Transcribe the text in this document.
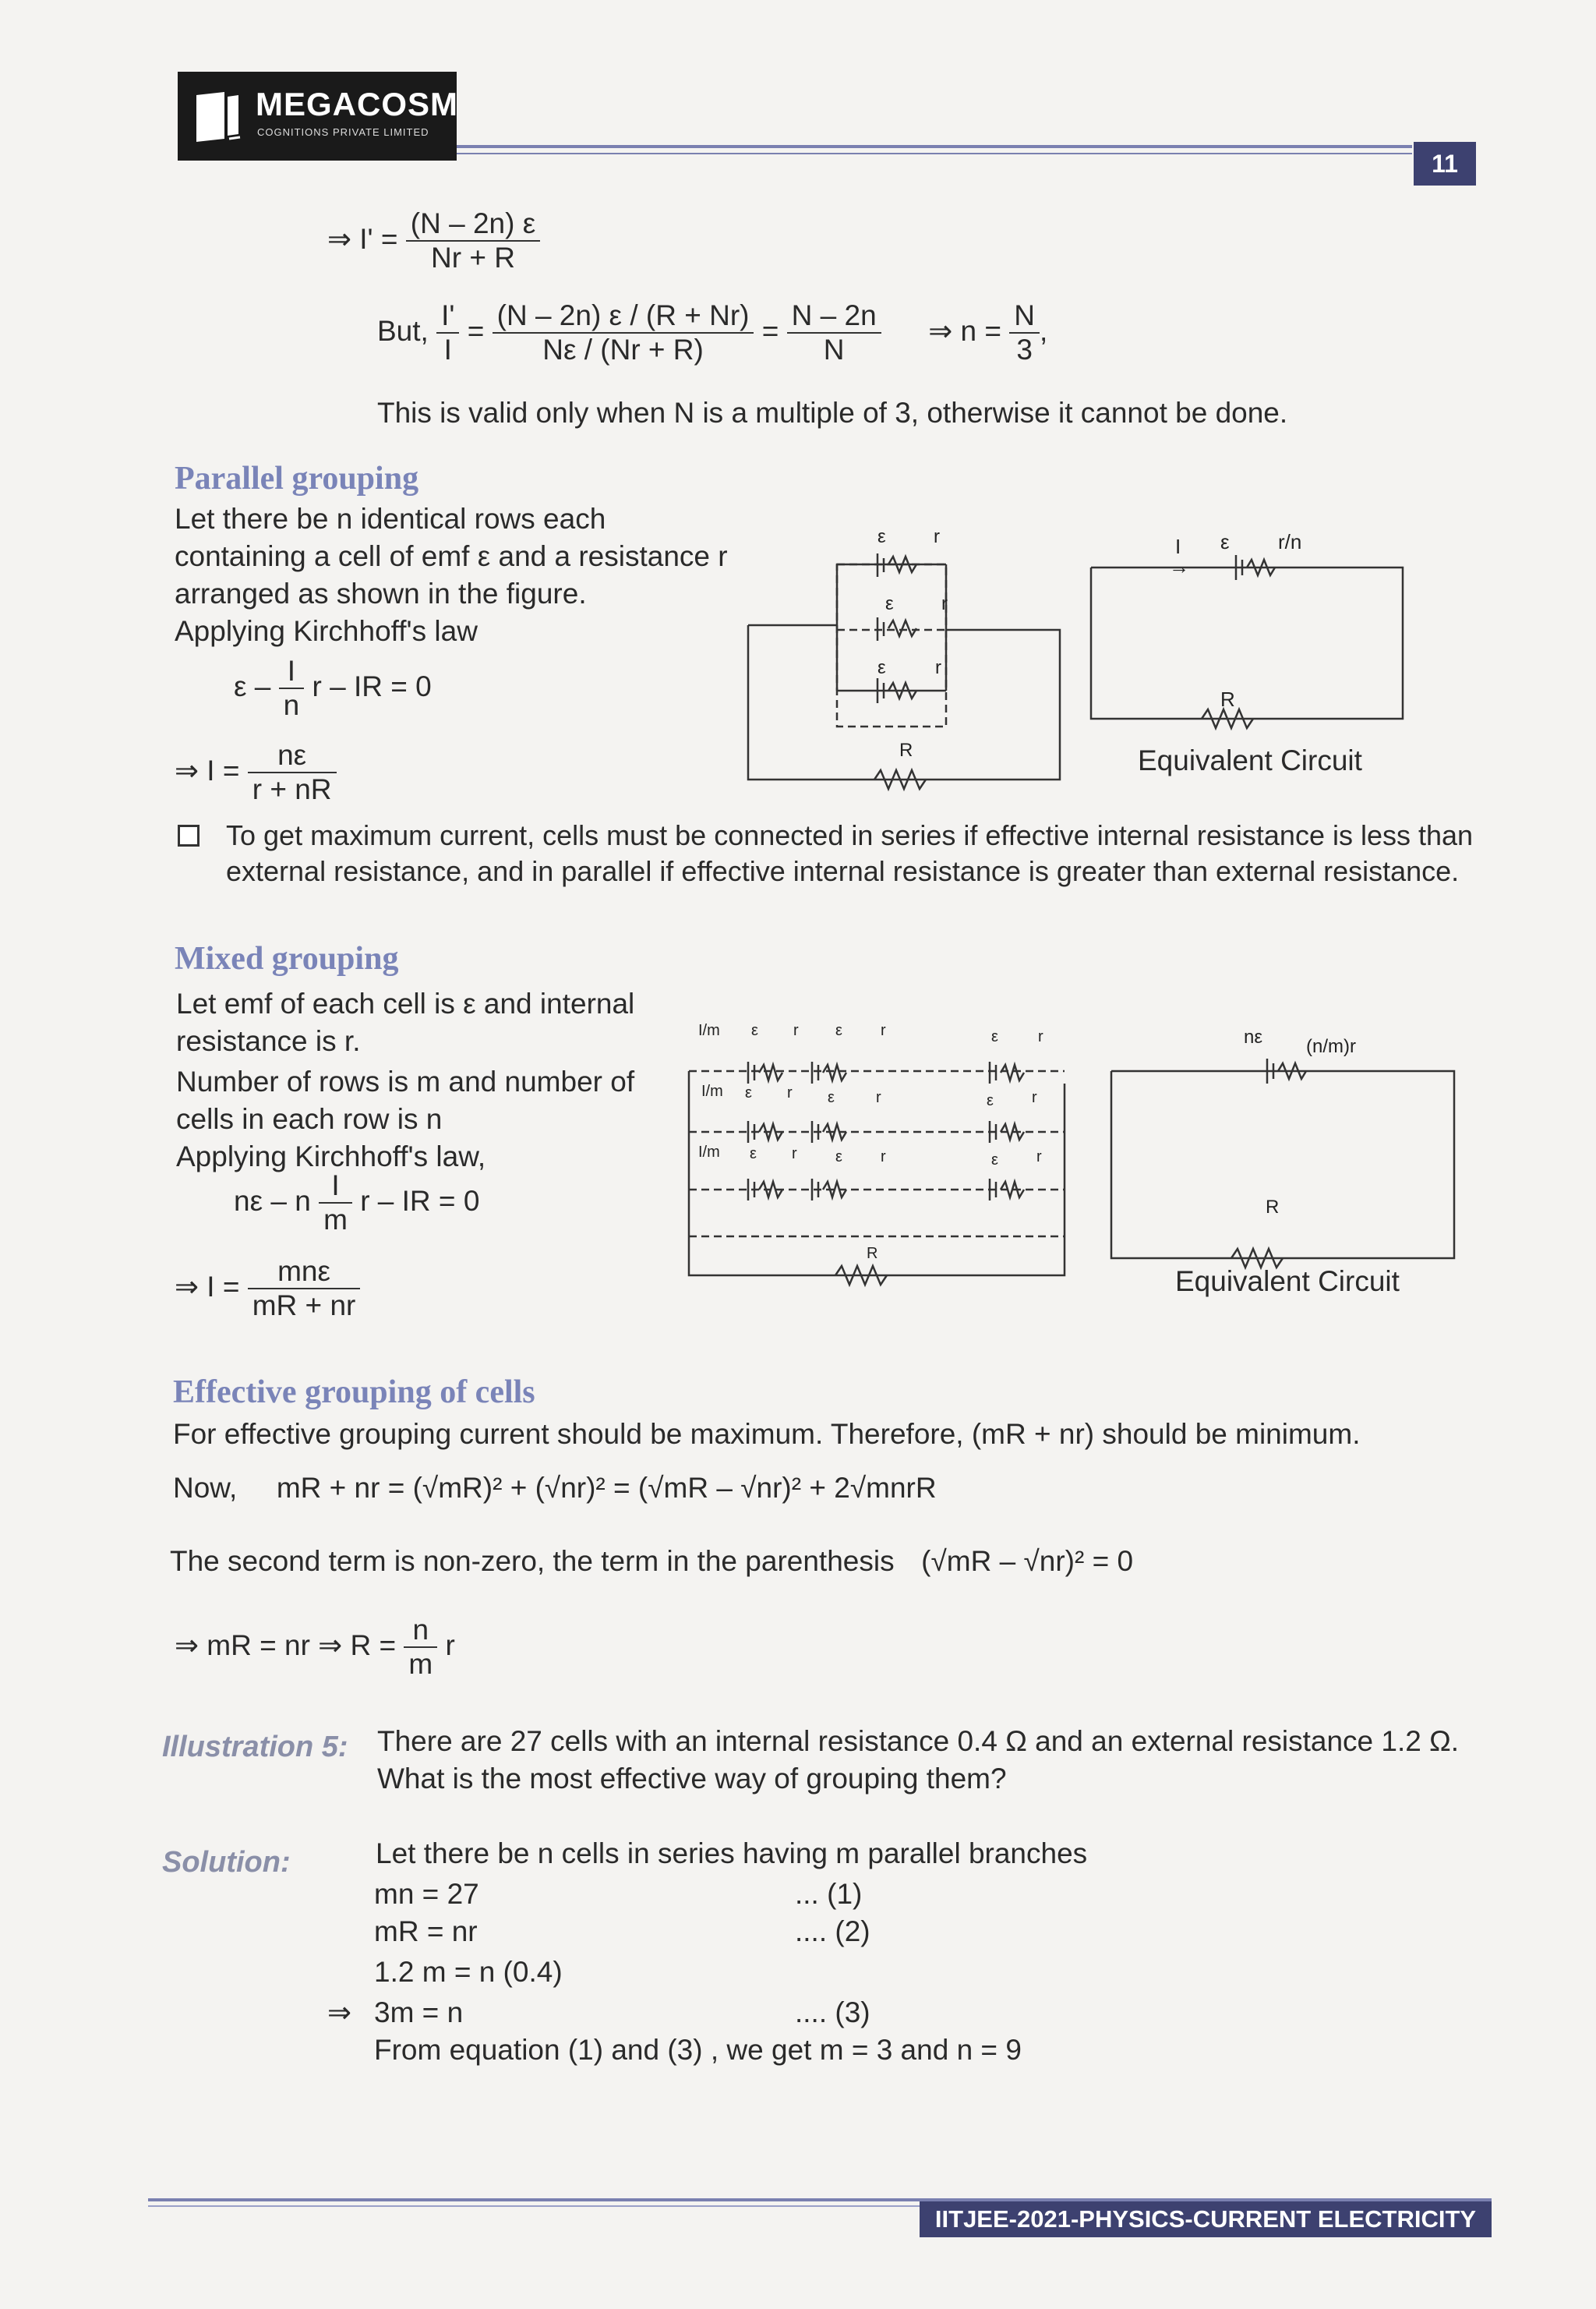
MEGACOSM
COGNITIONS PRIVATE LIMITED
11
⇒ $I' = \frac{(N - 2n) \varepsilon}{Nr + R}$
But, $\frac{I'}{I} = \frac{(N - 2n) \varepsilon / (R + Nr)}{N\varepsilon / (Nr + R)} = \frac{N - 2n}{N}$ ⇒ $n = \frac{N}{3}$ ,
This is valid only when N is a multiple of 3, otherwise it cannot be done.
Parallel grouping
Let there be n identical rows each
containing a cell of emf ε and a resistance r
arranged as shown in the figure.
Applying Kirchhoff's law
ε – $\frac{I}{n}$ r – IR = 0
⇒ $I = \frac{n\varepsilon}{r + nR}$
ε	r
ε	r
ε	r
R
→
I ε r/n
R
Equivalent Circuit
To get maximum current, cells must be connected in series if effective internal resistance is less than
external resistance, and in parallel if effective internal resistance is greater than external resistance.
Mixed grouping
Let emf of each cell is ε and internal
resistance is r.
Number of rows is m and number of
cells in each row is n
Applying Kirchhoff's law,
nε – n $\frac{I}{m}$ r – IR = 0
⇒ $I = \frac{\text{mnε}}{mR + nr}$
I/m ε r ε r	ε	r
I/m ε r ε	r	ε r
I/m ε r ε r	ε r
R
nε (n/m)r
R
Equivalent Circuit
Effective grouping of cells
For effective grouping current should be maximum. Therefore, (mR + nr) should be minimum.
Now, mR + nr = (√mR)² + (√nr)² = (√mR – √nr)² + 2√mnrR
The second term is non-zero, the term in the parenthesis (√mR – √nr)² = 0
⇒ mR = nr ⇒ $R = \frac{n}{m}$ r
Illustration 5: There are 27 cells with an internal resistance 0.4 Ω and an external resistance 1.2 Ω.
What is the most effective way of grouping them?
Solution:	Let there be n cells in series having m parallel branches
mn = 27	... (1)
mR = nr	.... (2)
1.2 m = n (0.4)
⇒ 3m = n	.... (3)
From equation (1) and (3) , we get m = 3 and n = 9
IITJEE-2021-PHYSICS-CURRENT ELECTRICITY
